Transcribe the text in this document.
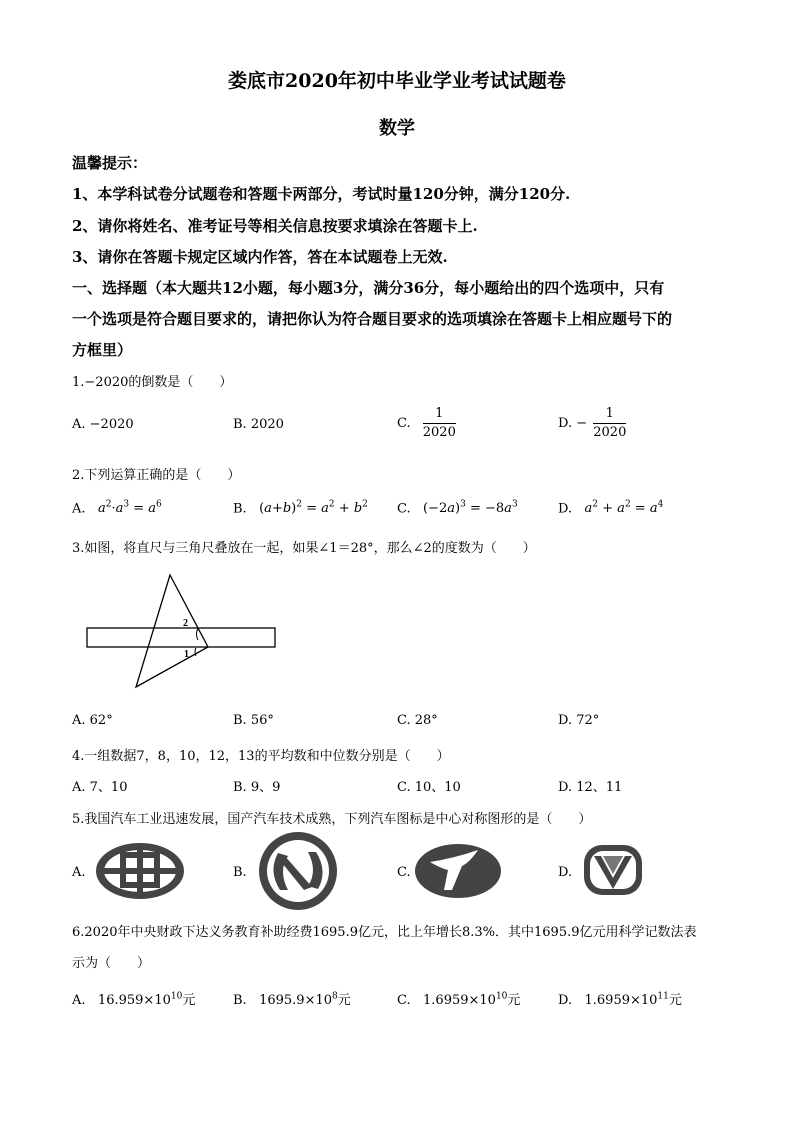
娄底市2020年初中毕业学业考试试题卷
数学
温馨提示：
1、本学科试卷分试题卷和答题卡两部分，考试时量120分钟，满分120分.
2、请你将姓名、准考证号等相关信息按要求填涂在答题卡上.
3、请你在答题卡规定区域内作答，答在本试题卷上无效.
一、选择题（本大题共12小题，每小题3分，满分36分，每小题给出的四个选项中，只有
一个选项是符合题目要求的，请把你认为符合题目要求的选项填涂在答题卡上相应题号下的
方框里）
1.−2020的倒数是（　　）
A. −2020	B. 2020	C. $\frac{1}{2020}$	D. − $\frac{1}{2020}$
2.下列运算正确的是（　　）
A. $a^2\cdot a^3 = a^6$	B.   $(a+b)^2 = a^2 + b^2$ C.   $(-2a)^3 = -8a^3$	D. $a^2 + a^2 = a^4$
3.如图，将直尺与三角尺叠放在一起，如果∠1＝28°，那么∠2的度数为（　　）
2
1
A. 62°	B. 56°	C. 28°	D. 72°
4.一组数据7，8，10，12，13的平均数和中位数分别是（　　）
A. 7、10	B. 9、9	C. 10、10	D. 12、11
5.我国汽车工业迅速发展，国产汽车技术成熟，下列汽车图标是中心对称图形的是（　　）
A.	B.	C.	D.
6.2020年中央财政下达义务教育补助经费1695.9亿元，比上年增长8.3%．其中1695.9亿元用科学记数法表
示为（　　）
A.   $16.959\times 10^{10}$元	B.   $1695.9\times 10^8$元	C.   $1.6959\times 10^{10}$元	D.   $1.6959\times 10^{11}$元
